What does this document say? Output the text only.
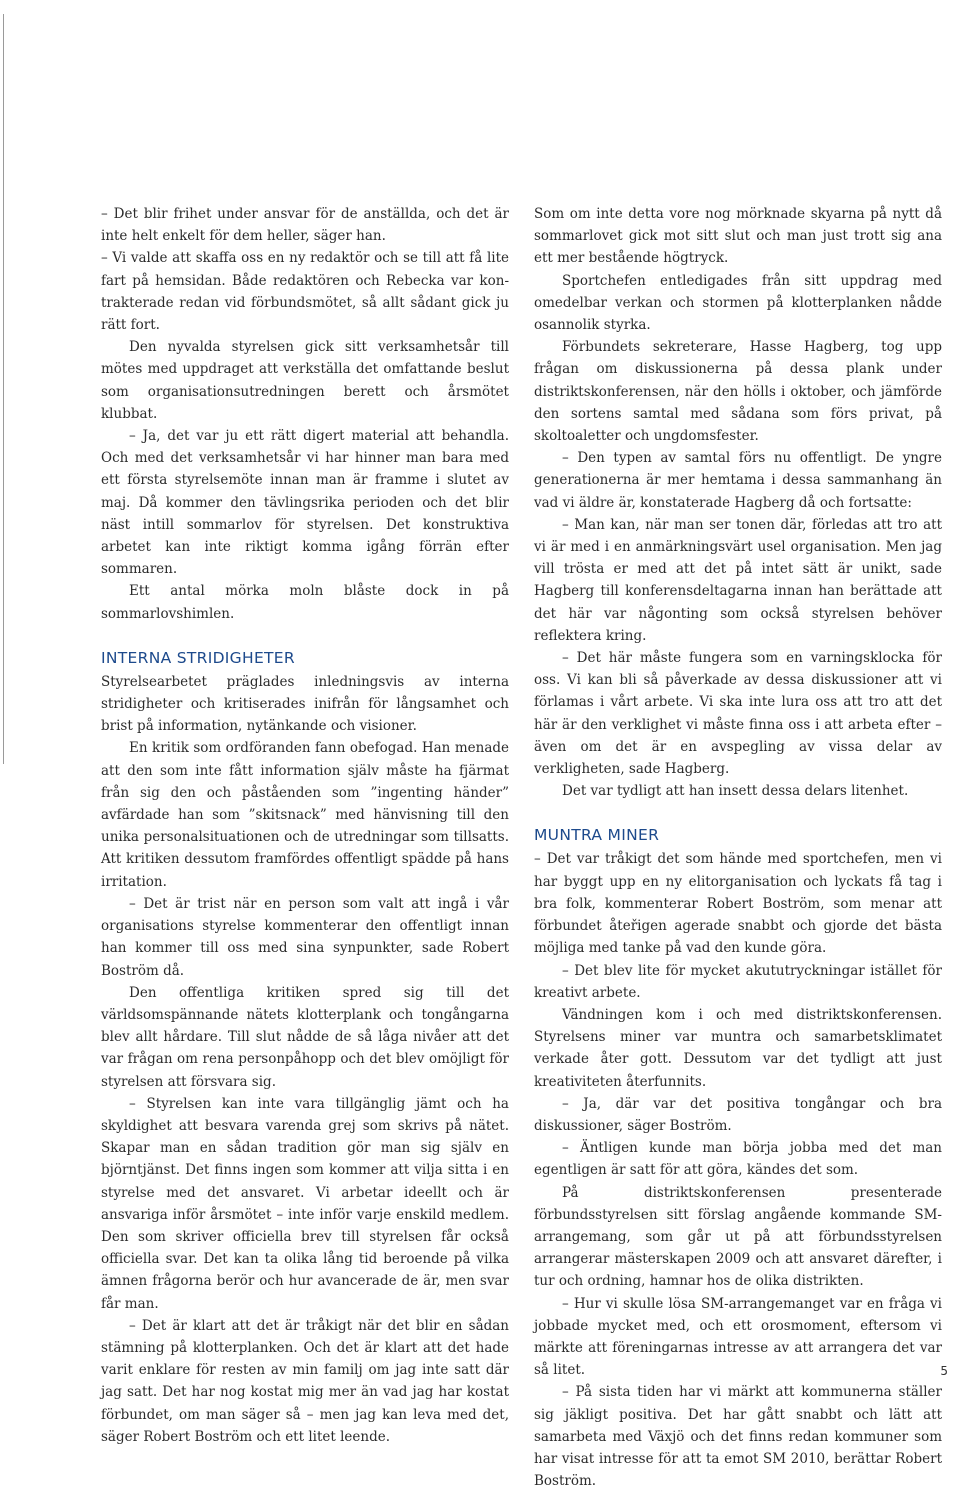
– Det blir frihet under ansvar för de anställda, och det är inte helt enkelt för dem heller, säger han.

– Vi valde att skaffa oss en ny redaktör och se till att få lite fart på hemsidan. Både redaktören och Rebecka var kontrakterade redan vid förbundsmötet, så allt sådant gick ju rätt fort.

Den nyvalda styrelsen gick sitt verksamhetsår till mötes med uppdraget att verkställa det omfattande beslut som organisationsutredningen berett och årsmötet klubbat.

– Ja, det var ju ett rätt digert material att behandla. Och med det verksamhetsår vi har hinner man bara med ett första styrelsemöte innan man är framme i slutet av maj. Då kommer den tävlingsrika perioden och det blir näst intill sommarlov för styrelsen. Det konstruktiva arbetet kan inte riktigt komma igång förrän efter sommaren.

Ett antal mörka moln blåste dock in på sommarlovshimlen.

INTERNA STRIDIGHETER

Styrelsearbetet präglades inledningsvis av interna stridigheter och kritiserades inifrån för långsamhet och brist på information, nytänkande och visioner.

En kritik som ordföranden fann obefogad. Han menade att den som inte fått information själv måste ha fjärmat från sig den och påståenden som ”ingenting händer” avfärdade han som ”skitsnack” med hänvisning till den unika personalsituationen och de utredningar som tillsatts. Att kritiken dessutom framfördes offentligt spädde på hans irritation.

– Det är trist när en person som valt att ingå i vår organisations styrelse kommenterar den offentligt innan han kommer till oss med sina synpunkter, sade Robert Boström då.

Den offentliga kritiken spred sig till det världsomspännande nätets klotterplank och tongångarna blev allt hårdare. Till slut nådde de så låga nivåer att det var frågan om rena personpåhopp och det blev omöjligt för styrelsen att försvara sig.

– Styrelsen kan inte vara tillgänglig jämt och ha skyldighet att besvara varenda grej som skrivs på nätet. Skapar man en sådan tradition gör man sig själv en björntjänst. Det finns ingen som kommer att vilja sitta i en styrelse med det ansvaret. Vi arbetar ideellt och är ansvariga inför årsmötet – inte inför varje enskild medlem. Den som skriver officiella brev till styrelsen får också officiella svar. Det kan ta olika lång tid beroende på vilka ämnen frågorna berör och hur avancerade de är, men svar får man.

– Det är klart att det är tråkigt när det blir en sådan stämning på klotterplanken. Och det är klart att det hade varit enklare för resten av min familj om jag inte satt där jag satt. Det har nog kostat mig mer än vad jag har kostat förbundet, om man säger så – men jag kan leva med det, säger Robert Boström och ett litet leende.

Som om inte detta vore nog mörknade skyarna på nytt då sommarlovet gick mot sitt slut och man just trott sig ana ett mer bestående högtryck.

Sportchefen entledigades från sitt uppdrag med omedelbar verkan och stormen på klotterplanken nådde osannolik styrka.

Förbundets sekreterare, Hasse Hagberg, tog upp frågan om diskussionerna på dessa plank under distriktskonferensen, när den hölls i oktober, och jämförde den sortens samtal med sådana som förs privat, på skoltoaletter och ungdomsfester.

– Den typen av samtal förs nu offentligt. De yngre generationerna är mer hemtama i dessa sammanhang än vad vi äldre är, konstaterade Hagberg då och fortsatte:

– Man kan, när man ser tonen där, förledas att tro att vi är med i en anmärkningsvärt usel organisation. Men jag vill trösta er med att det på intet sätt är unikt, sade Hagberg till konferensdeltagarna innan han berättade att det här var någonting som också styrelsen behöver reflektera kring.

– Det här måste fungera som en varningsklocka för oss. Vi kan bli så påverkade av dessa diskussioner att vi förlamas i vårt arbete. Vi ska inte lura oss att tro att det här är den verklighet vi måste finna oss i att arbeta efter – även om det är en avspegling av vissa delar av verkligheten, sade Hagberg.

Det var tydligt att han insett dessa delars litenhet.

MUNTRA MINER

– Det var tråkigt det som hände med sportchefen, men vi har byggt upp en ny elitorganisation och lyckats få tag i bra folk, kommenterar Robert Boström, som menar att förbundet åteřigen agerade snabbt och gjorde det bästa möjliga med tanke på vad den kunde göra.

– Det blev lite för mycket akututryckningar istället för kreativt arbete.

Vändningen kom i och med distriktskonferensen. Styrelsens miner var muntra och samarbetsklimatet verkade åter gott. Dessutom var det tydligt att just kreativiteten återfunnits.

– Ja, där var det positiva tongångar och bra diskussioner, säger Boström.

– Äntligen kunde man börja jobba med det man egentligen är satt för att göra, kändes det som.

På distriktskonferensen presenterade förbundsstyrelsen sitt förslag angående kommande SM-arrangemang, som går ut på att förbundsstyrelsen arrangerar mästerskapen 2009 och att ansvaret därefter, i tur och ordning, hamnar hos de olika distrikten.

– Hur vi skulle lösa SM-arrangemanget var en fråga vi jobbade mycket med, och ett orosmoment, eftersom vi märkte att föreningarnas intresse av att arrangera det var så litet.

– På sista tiden har vi märkt att kommunerna ställer sig jäkligt positiva. Det har gått snabbt och lätt att samarbeta med Växjö och det finns redan kommuner som har visat intresse för att ta emot SM 2010, berättar Robert Boström.

5
